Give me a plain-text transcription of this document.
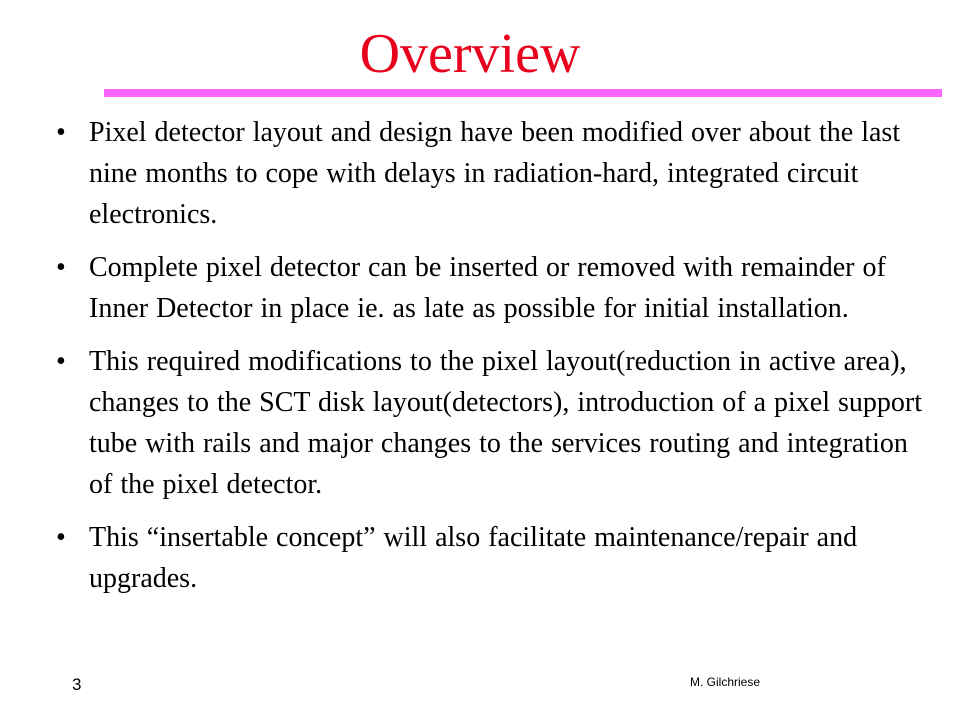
Overview
• Pixel detector layout and design have been modified over about the last nine months to cope with delays in radiation-hard, integrated circuit electronics.
• Complete pixel detector can be inserted or removed with remainder of Inner Detector in place ie. as late as possible for initial installation.
• This required modifications to the pixel layout(reduction in active area), changes to the SCT disk layout(detectors), introduction of a pixel support tube with rails and major changes to the services routing and integration of the pixel detector.
• This “insertable concept” will also facilitate maintenance/repair and upgrades.
3	M. Gilchriese
